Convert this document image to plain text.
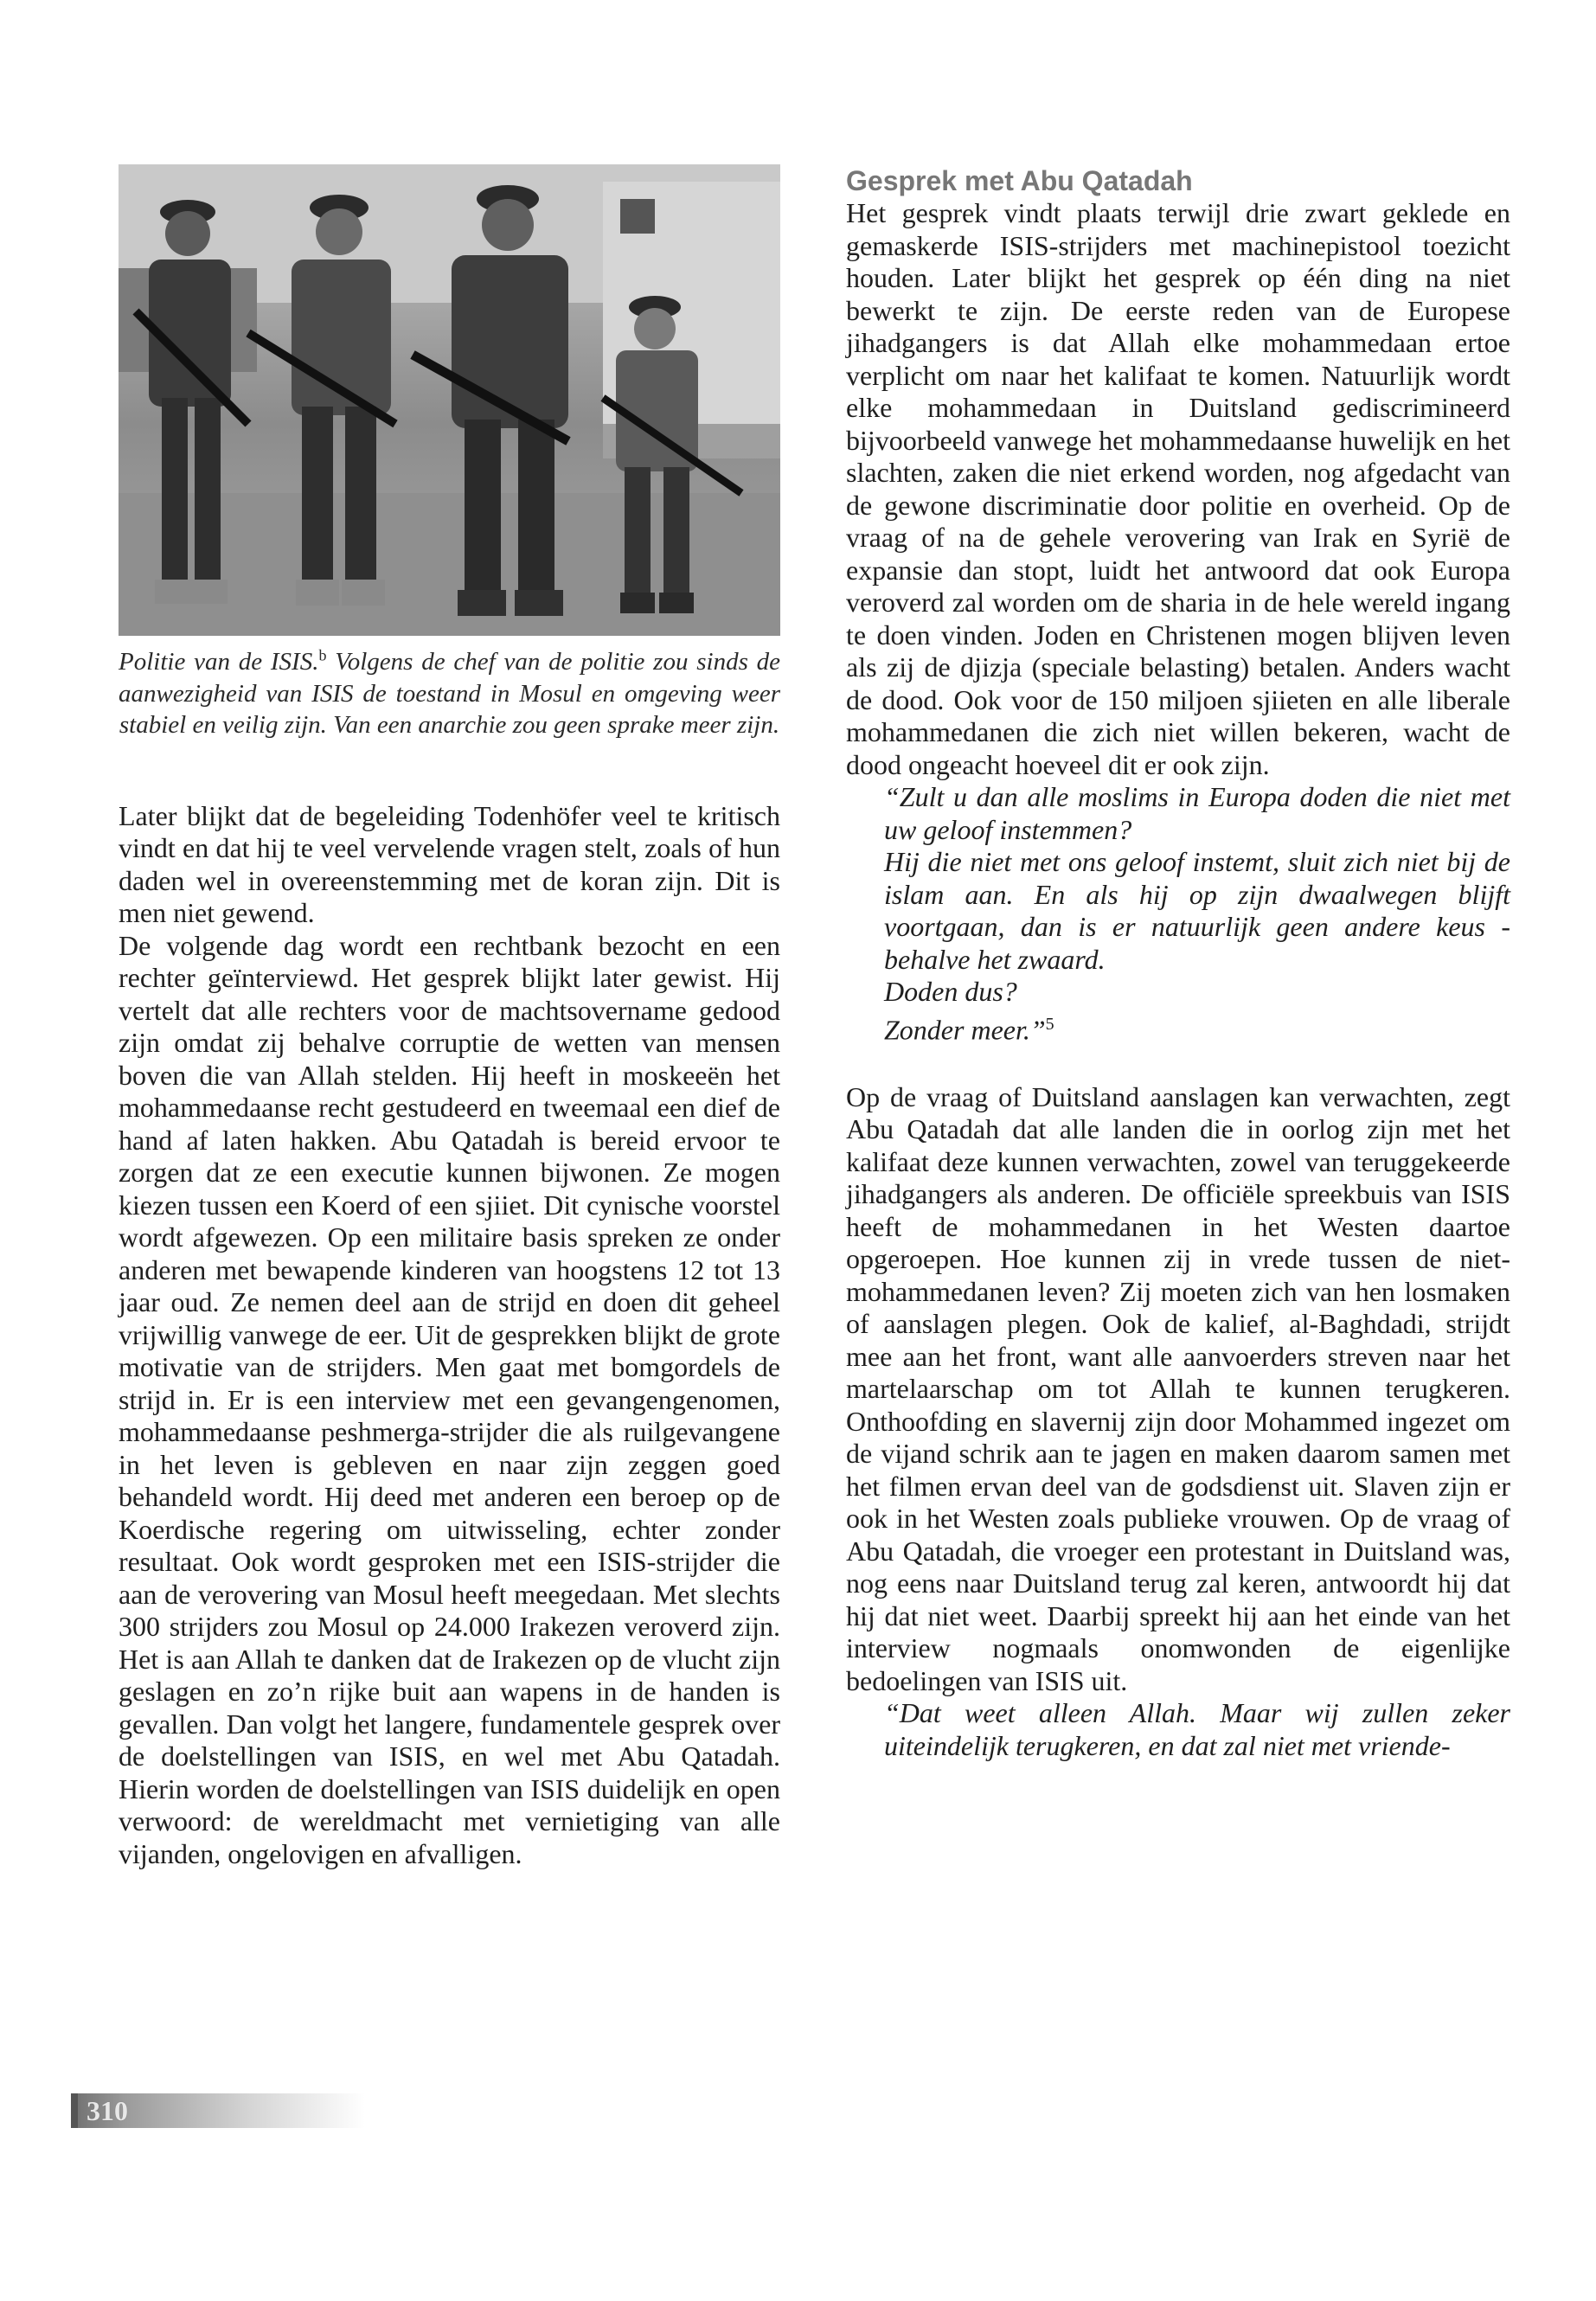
Politie van de ISIS.$^b$ Volgens de chef van de politie zou sinds de aanwezigheid van ISIS de toestand in Mosul en omgeving weer stabiel en veilig zijn. Van een anarchie zou geen sprake meer zijn.

Later blijkt dat de begeleiding Todenhöfer veel te kritisch vindt en dat hij te veel vervelende vragen stelt, zoals of hun daden wel in overeenstemming met de koran zijn. Dit is men niet gewend.

De volgende dag wordt een rechtbank bezocht en een rechter geïnterviewd. Het gesprek blijkt later gewist. Hij vertelt dat alle rechters voor de machtsovername gedood zijn omdat zij behalve corruptie de wetten van mensen boven die van Allah stelden. Hij heeft in moskeeën het mohammedaanse recht gestudeerd en tweemaal een dief de hand af laten hakken. Abu Qatadah is bereid ervoor te zorgen dat ze een executie kunnen bijwonen. Ze mogen kiezen tussen een Koerd of een sjiiet. Dit cynische voorstel wordt afgewezen. Op een militaire basis spreken ze onder anderen met bewapende kinderen van hoogstens 12 tot 13 jaar oud. Ze nemen deel aan de strijd en doen dit geheel vrijwillig vanwege de eer. Uit de gesprekken blijkt de grote motivatie van de strijders. Men gaat met bomgordels de strijd in. Er is een interview met een gevangengenomen, mohammedaanse peshmerga-strijder die als ruilgevangene in het leven is gebleven en naar zijn zeggen goed behandeld wordt. Hij deed met anderen een beroep op de Koerdische regering om uitwisseling, echter zonder resultaat. Ook wordt gesproken met een ISIS-strijder die aan de verovering van Mosul heeft meegedaan. Met slechts 300 strijders zou Mosul op 24.000 Irakezen veroverd zijn. Het is aan Allah te danken dat de Irakezen op de vlucht zijn geslagen en zo’n rijke buit aan wapens in de handen is gevallen. Dan volgt het langere, fundamentele gesprek over de doelstellingen van ISIS, en wel met Abu Qatadah. Hierin worden de doelstellingen van ISIS duidelijk en open verwoord: de wereldmacht met vernietiging van alle vijanden, ongelovigen en afvalligen.

Gesprek met Abu Qatadah

Het gesprek vindt plaats terwijl drie zwart geklede en gemaskerde ISIS-strijders met machinepistool toezicht houden. Later blijkt het gesprek op één ding na niet bewerkt te zijn. De eerste reden van de Europese jihadgangers is dat Allah elke mohammedaan ertoe verplicht om naar het kalifaat te komen. Natuurlijk wordt elke mohammedaan in Duitsland gediscrimineerd bijvoorbeeld vanwege het mohammedaanse huwelijk en het slachten, zaken die niet erkend worden, nog afgedacht van de gewone discriminatie door politie en overheid. Op de vraag of na de gehele verovering van Irak en Syrië de expansie dan stopt, luidt het antwoord dat ook Europa veroverd zal worden om de sharia in de hele wereld ingang te doen vinden. Joden en Christenen mogen blijven leven als zij de djizja (speciale belasting) betalen. Anders wacht de dood. Ook voor de 150 miljoen sjiieten en alle liberale mohammedanen die zich niet willen bekeren, wacht de dood ongeacht hoeveel dit er ook zijn.

“Zult u dan alle moslims in Europa doden die niet met uw geloof instemmen?

Hij die niet met ons geloof instemt, sluit zich niet bij de islam aan. En als hij op zijn dwaalwegen blijft voortgaan, dan is er natuurlijk geen andere keus - behalve het zwaard.

Doden dus?

Zonder meer.”$^5$

Op de vraag of Duitsland aanslagen kan verwachten, zegt Abu Qatadah dat alle landen die in oorlog zijn met het kalifaat deze kunnen verwachten, zowel van teruggekeerde jihadgangers als anderen. De officiële spreekbuis van ISIS heeft de mohammedanen in het Westen daartoe opgeroepen. Hoe kunnen zij in vrede tussen de niet-mohammedanen leven? Zij moeten zich van hen losmaken of aanslagen plegen. Ook de kalief, al-Baghdadi, strijdt mee aan het front, want alle aanvoerders streven naar het martelaarschap om tot Allah te kunnen terugkeren. Onthoofding en slavernij zijn door Mohammed ingezet om de vijand schrik aan te jagen en maken daarom samen met het filmen ervan deel van de godsdienst uit. Slaven zijn er ook in het Westen zoals publieke vrouwen. Op de vraag of Abu Qatadah, die vroeger een protestant in Duitsland was, nog eens naar Duitsland terug zal keren, antwoordt hij dat hij dat niet weet. Daarbij spreekt hij aan het einde van het interview nogmaals onomwonden de eigenlijke bedoelingen van ISIS uit.

“Dat weet alleen Allah. Maar wij zullen zeker uiteindelijk terugkeren, en dat zal niet met vriende-

310
